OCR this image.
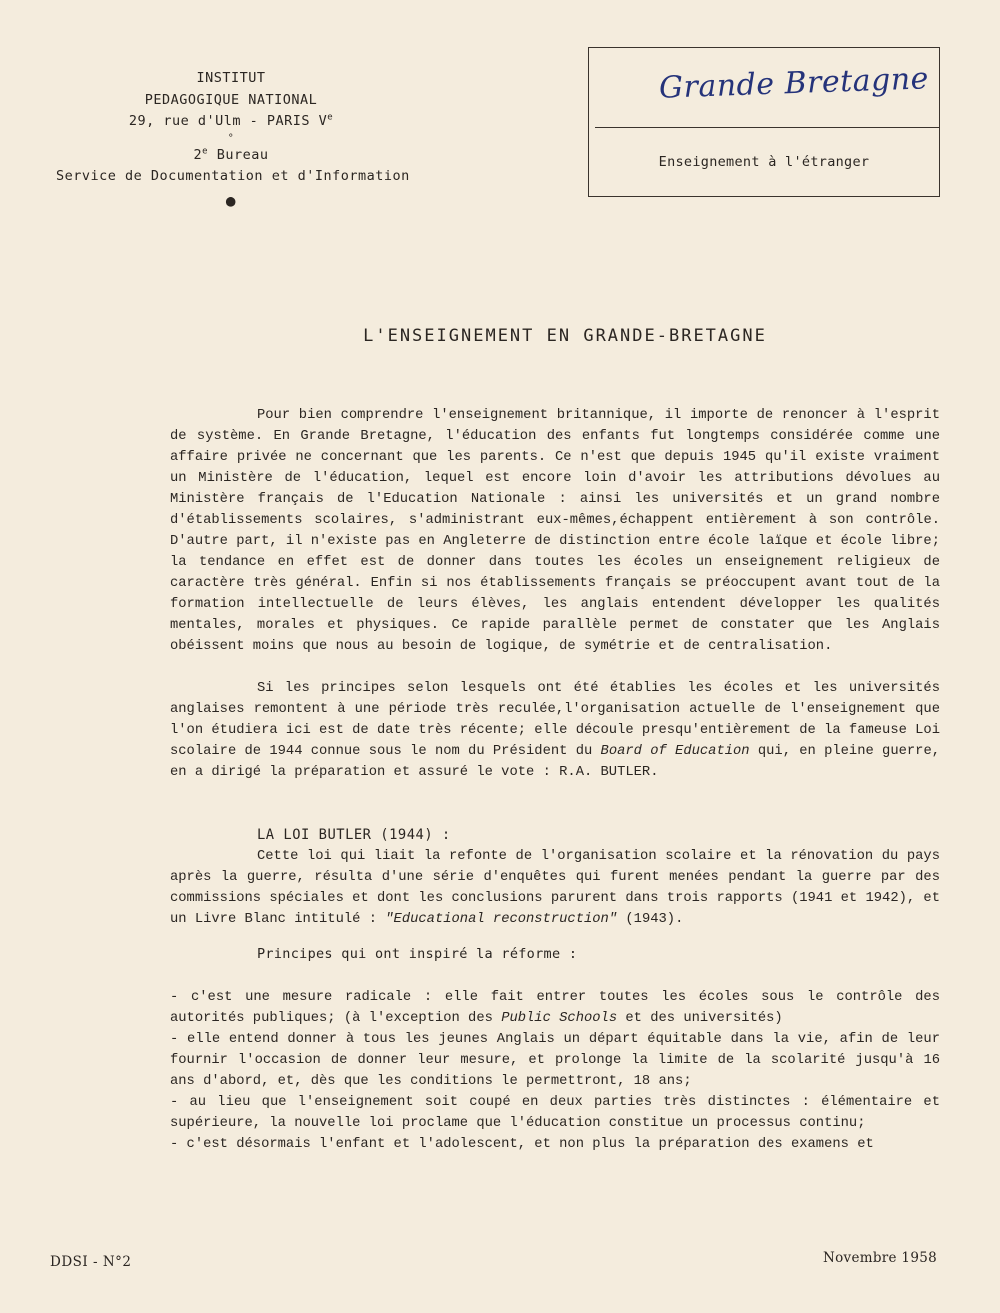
INSTITUT
PEDAGOGIQUE NATIONAL
29, rue d'Ulm - PARIS Ve
°
2e Bureau
Service de Documentation et d'Information
●
Grande Bretagne
Enseignement à l'étranger
L'ENSEIGNEMENT EN GRANDE-BRETAGNE

Pour bien comprendre l'enseignement britannique, il importe de renoncer à l'esprit de système. En Grande Bretagne, l'éducation des enfants fut longtemps considérée comme une affaire privée ne concernant que les parents. Ce n'est que depuis 1945 qu'il existe vraiment un Ministère de l'éducation, lequel est encore loin d'avoir les attributions dévolues au Ministère français de l'Education Nationale : ainsi les universités et un grand nombre d'établissements scolaires, s'administrant eux-mêmes,échappent entièrement à son contrôle. D'autre part, il n'existe pas en Angleterre de distinction entre école laïque et école libre; la tendance en effet est de donner dans toutes les écoles un enseignement religieux de caractère très général. Enfin si nos établissements français se préoccupent avant tout de la formation intellectuelle de leurs élèves, les anglais entendent développer les qualités mentales, morales et physiques. Ce rapide parallèle permet de constater que les Anglais obéissent moins que nous au besoin de logique, de symétrie et de centralisation.

Si les principes selon lesquels ont été établies les écoles et les universités anglaises remontent à une période très reculée,l'organisation actuelle de l'enseignement que l'on étudiera ici est de date très récente; elle découle presqu'entièrement de la fameuse Loi scolaire de 1944 connue sous le nom du Président du Board of Education qui, en pleine guerre, en a dirigé la préparation et assuré le vote : R.A. BUTLER.

LA LOI BUTLER (1944) :

Cette loi qui liait la refonte de l'organisation scolaire et la rénovation du pays après la guerre, résulta d'une série d'enquêtes qui furent menées pendant la guerre par des commissions spéciales et dont les conclusions parurent dans trois rapports (1941 et 1942), et un Livre Blanc intitulé : "Educational reconstruction" (1943).

Principes qui ont inspiré la réforme :

- c'est une mesure radicale : elle fait entrer toutes les écoles sous le contrôle des autorités publiques; (à l'exception des Public Schools et des universités)

- elle entend donner à tous les jeunes Anglais un départ équitable dans la vie, afin de leur fournir l'occasion de donner leur mesure, et prolonge la limite de la scolarité jusqu'à 16 ans d'abord, et, dès que les conditions le permettront, 18 ans;

- au lieu que l'enseignement soit coupé en deux parties très distinctes : élémentaire et supérieure, la nouvelle loi proclame que l'éducation constitue un processus continu;

- c'est désormais l'enfant et l'adolescent, et non plus la préparation des examens et

DDSI - N°2	Novembre 1958
